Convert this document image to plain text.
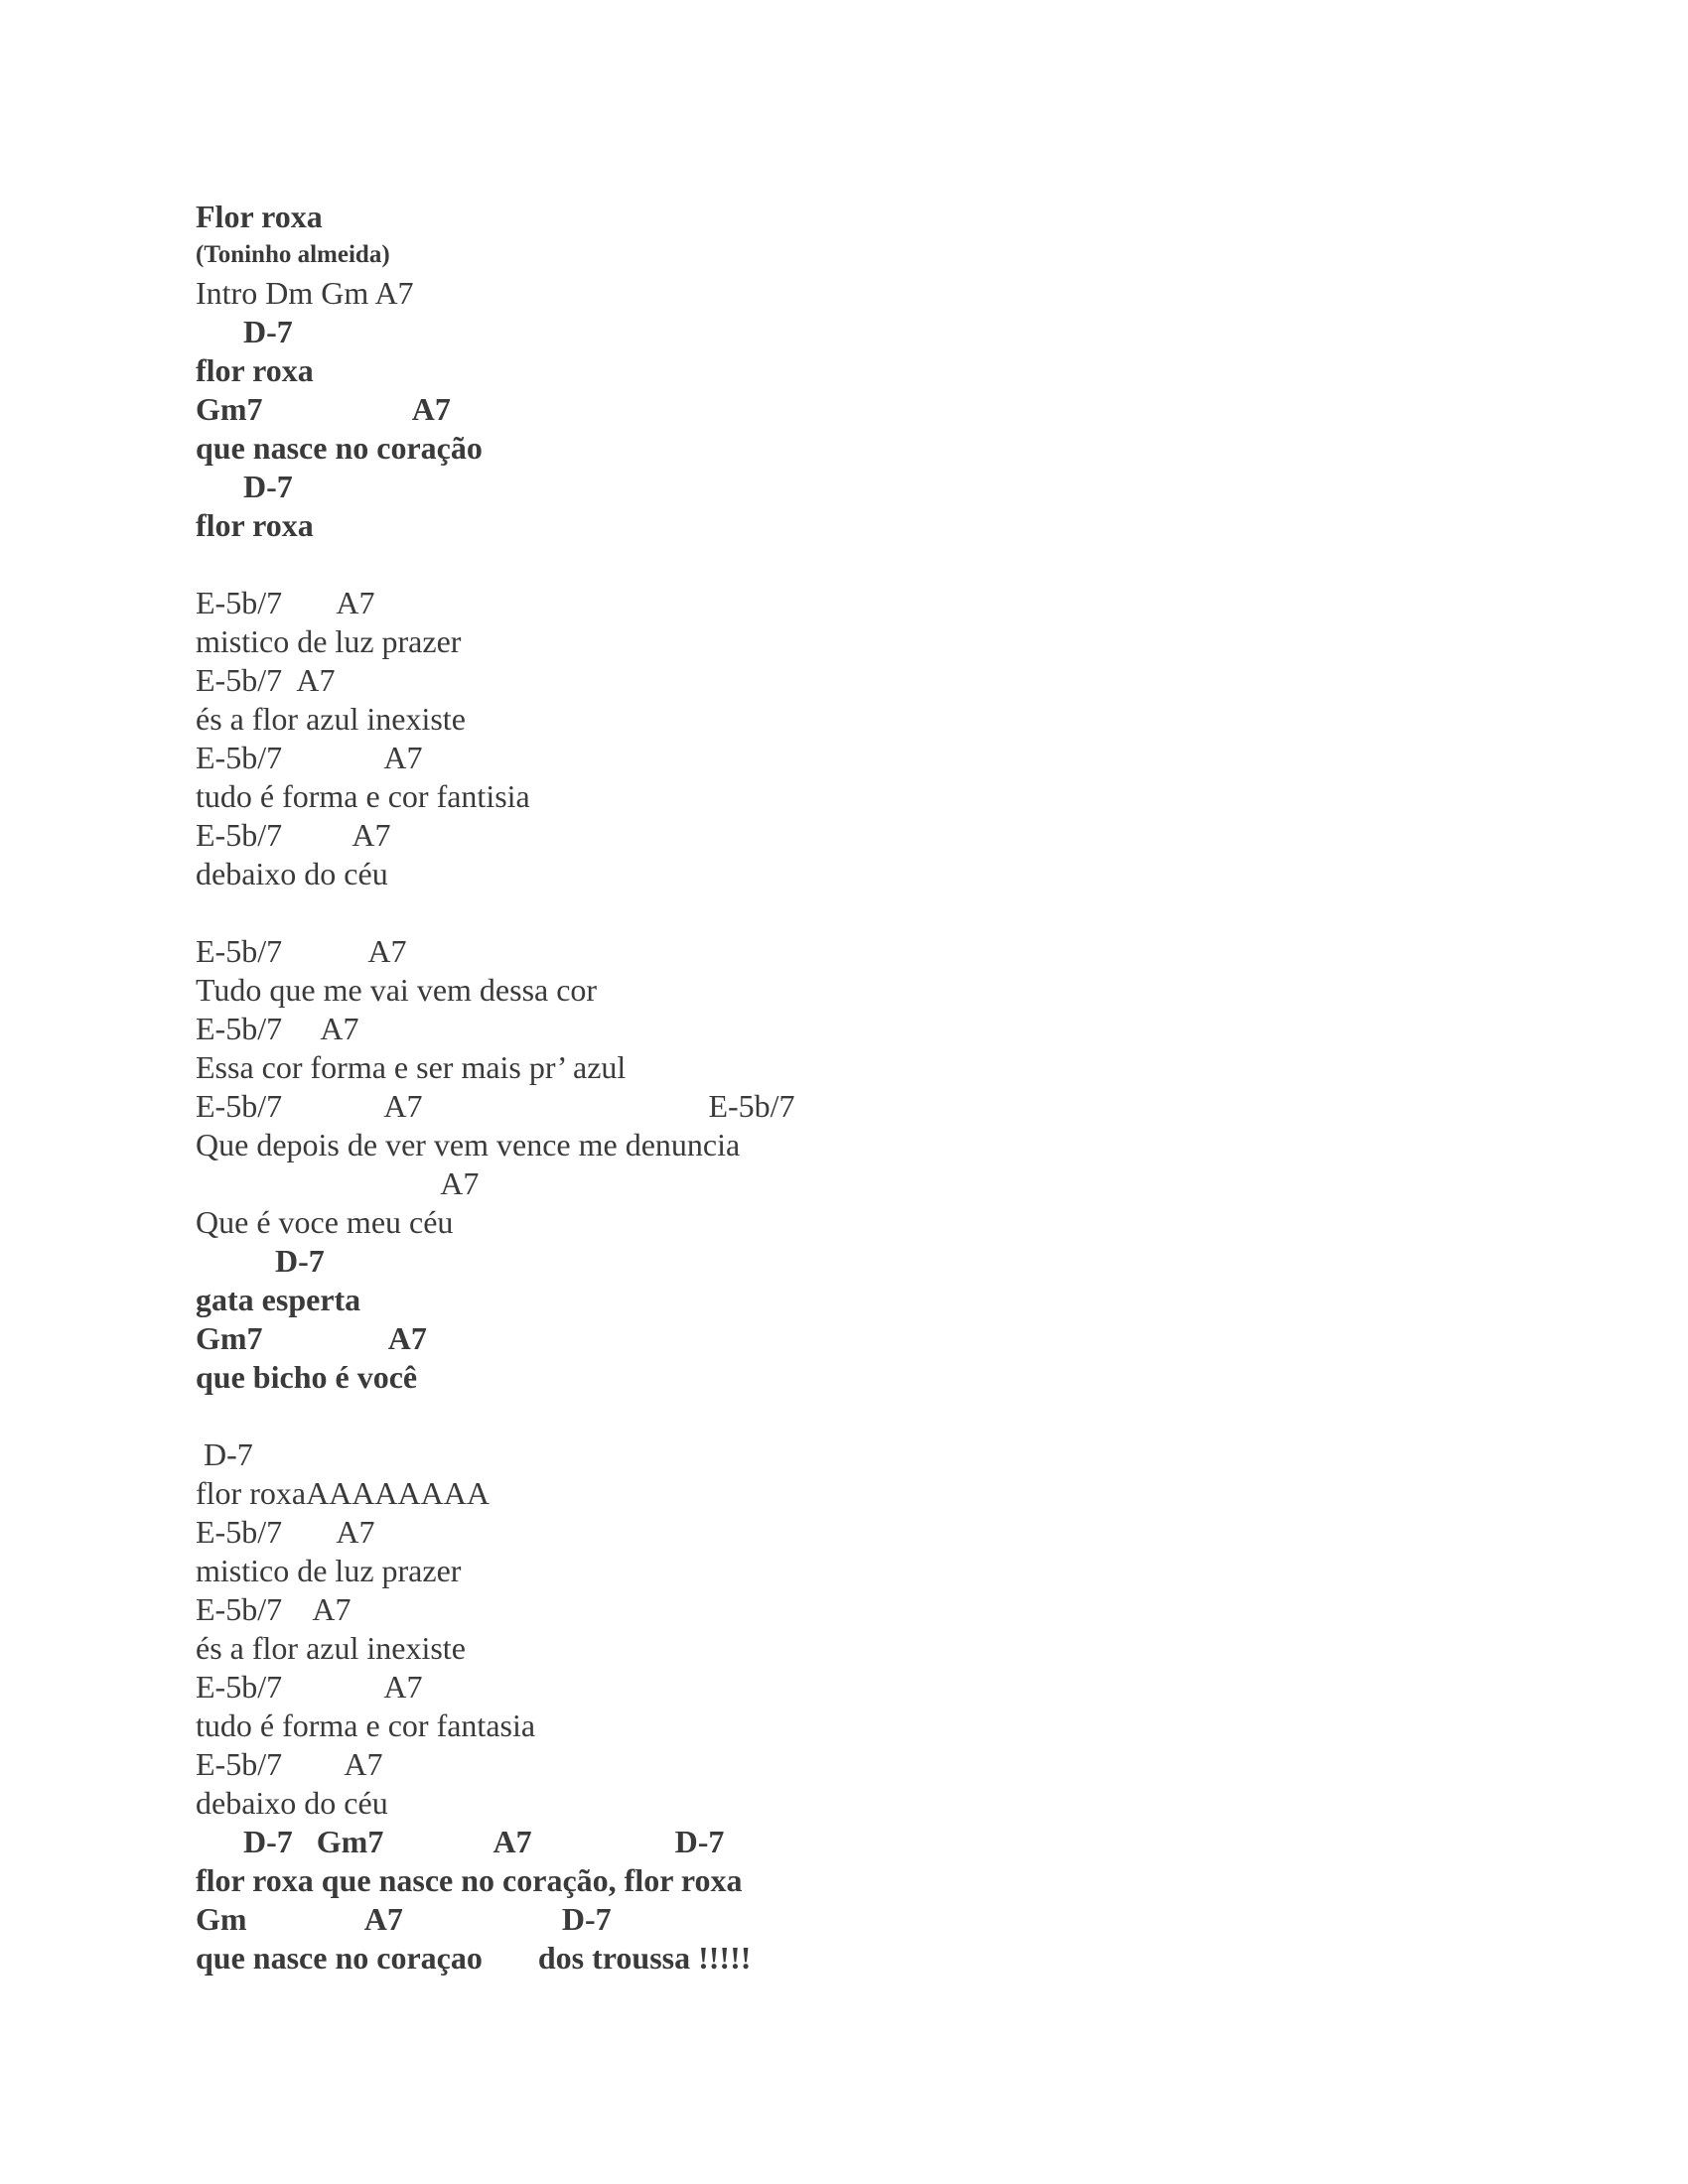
Flor roxa
(Toninho almeida)
Intro Dm Gm A7
D-7
flor roxa
Gm7                   A7
que nasce no coração
D-7
flor roxa
E-5b/7       A7
mistico de luz prazer
E-5b/7  A7
és a flor azul inexiste
E-5b/7             A7
tudo é forma e cor fantisia
E-5b/7         A7
debaixo do céu
E-5b/7           A7
Tudo que me vai vem dessa cor
E-5b/7     A7
Essa cor forma e ser mais pr’ azul
E-5b/7             A7                                    E-5b/7
Que depois de ver vem vence me denuncia
A7
Que é voce meu céu
D-7
gata esperta
Gm7                A7
que bicho é você
D-7
flor roxaAAAAAAAA
E-5b/7       A7
mistico de luz prazer
E-5b/7    A7
és a flor azul inexiste
E-5b/7             A7
tudo é forma e cor fantasia
E-5b/7        A7
debaixo do céu
D-7   Gm7              A7                  D-7
flor roxa que nasce no coração, flor roxa
Gm               A7                    D-7
que nasce no coraçao       dos troussa !!!!!
